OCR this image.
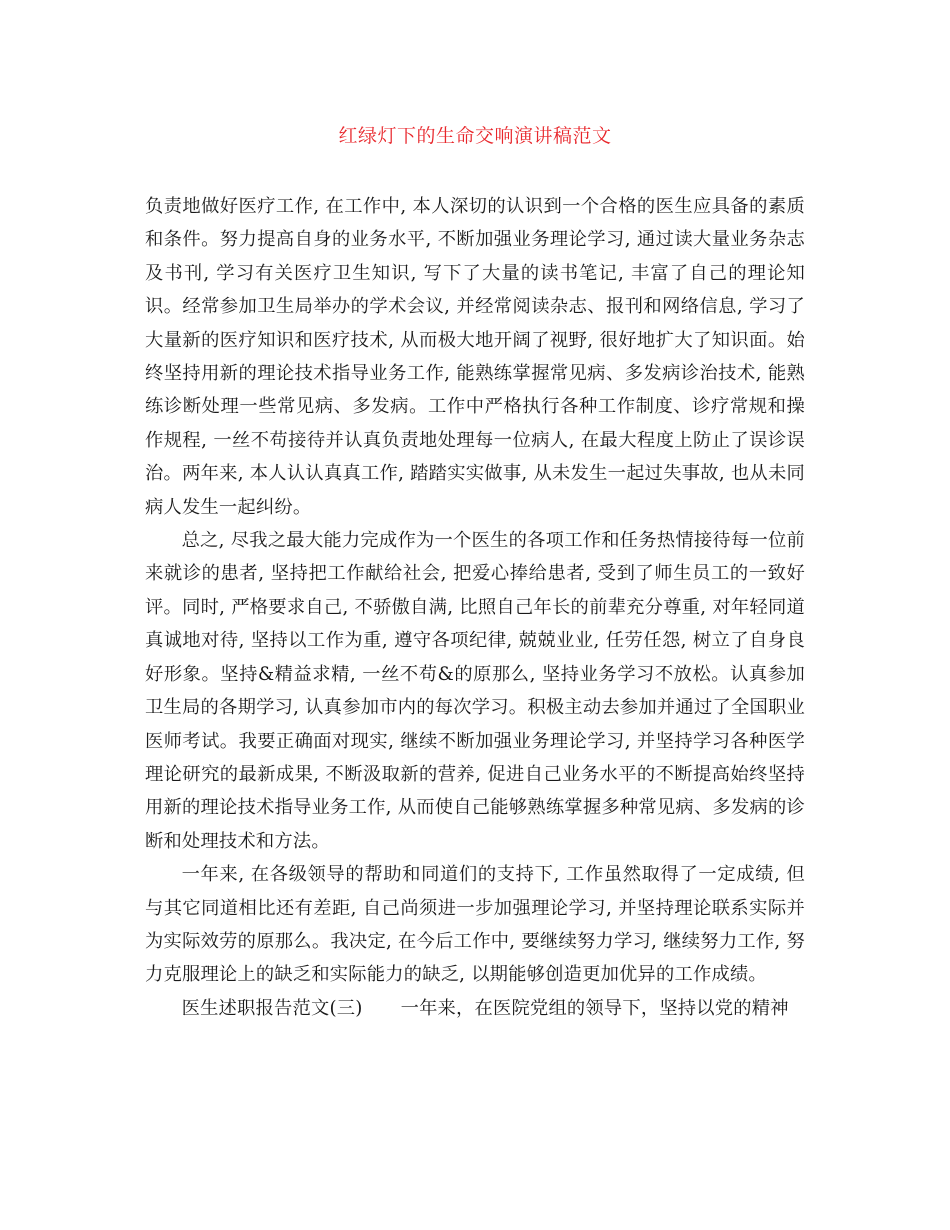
红绿灯下的生命交响演讲稿范文

负责地做好医疗工作, 在工作中, 本人深切的认识到一个合格的医生应具备的素质和条件。努力提高自身的业务水平, 不断加强业务理论学习, 通过读大量业务杂志及书刊, 学习有关医疗卫生知识, 写下了大量的读书笔记, 丰富了自己的理论知识。经常参加卫生局举办的学术会议, 并经常阅读杂志、报刊和网络信息, 学习了大量新的医疗知识和医疗技术, 从而极大地开阔了视野, 很好地扩大了知识面。始终坚持用新的理论技术指导业务工作, 能熟练掌握常见病、多发病诊治技术, 能熟练诊断处理一些常见病、多发病。工作中严格执行各种工作制度、诊疗常规和操作规程, 一丝不苟接待并认真负责地处理每一位病人, 在最大程度上防止了误诊误治。两年来, 本人认认真真工作, 踏踏实实做事, 从未发生一起过失事故, 也从未同病人发生一起纠纷。

总之, 尽我之最大能力完成作为一个医生的各项工作和任务热情接待每一位前来就诊的患者, 坚持把工作献给社会, 把爱心捧给患者, 受到了师生员工的一致好评。同时, 严格要求自己, 不骄傲自满, 比照自己年长的前辈充分尊重, 对年轻同道真诚地对待, 坚持以工作为重, 遵守各项纪律, 兢兢业业, 任劳任怨, 树立了自身良好形象。坚持&精益求精, 一丝不苟&的原那么, 坚持业务学习不放松。认真参加卫生局的各期学习, 认真参加市内的每次学习。积极主动去参加并通过了全国职业医师考试。我要正确面对现实, 继续不断加强业务理论学习, 并坚持学习各种医学理论研究的最新成果, 不断汲取新的营养, 促进自己业务水平的不断提高始终坚持用新的理论技术指导业务工作, 从而使自己能够熟练掌握多种常见病、多发病的诊断和处理技术和方法。

一年来, 在各级领导的帮助和同道们的支持下, 工作虽然取得了一定成绩, 但与其它同道相比还有差距, 自己尚须进一步加强理论学习, 并坚持理论联系实际并为实际效劳的原那么。我决定, 在今后工作中, 要继续努力学习, 继续努力工作, 努力克服理论上的缺乏和实际能力的缺乏, 以期能够创造更加优异的工作成绩。

医生述职报告范文(三) 一年来，在医院党组的领导下，坚持以党的精神
